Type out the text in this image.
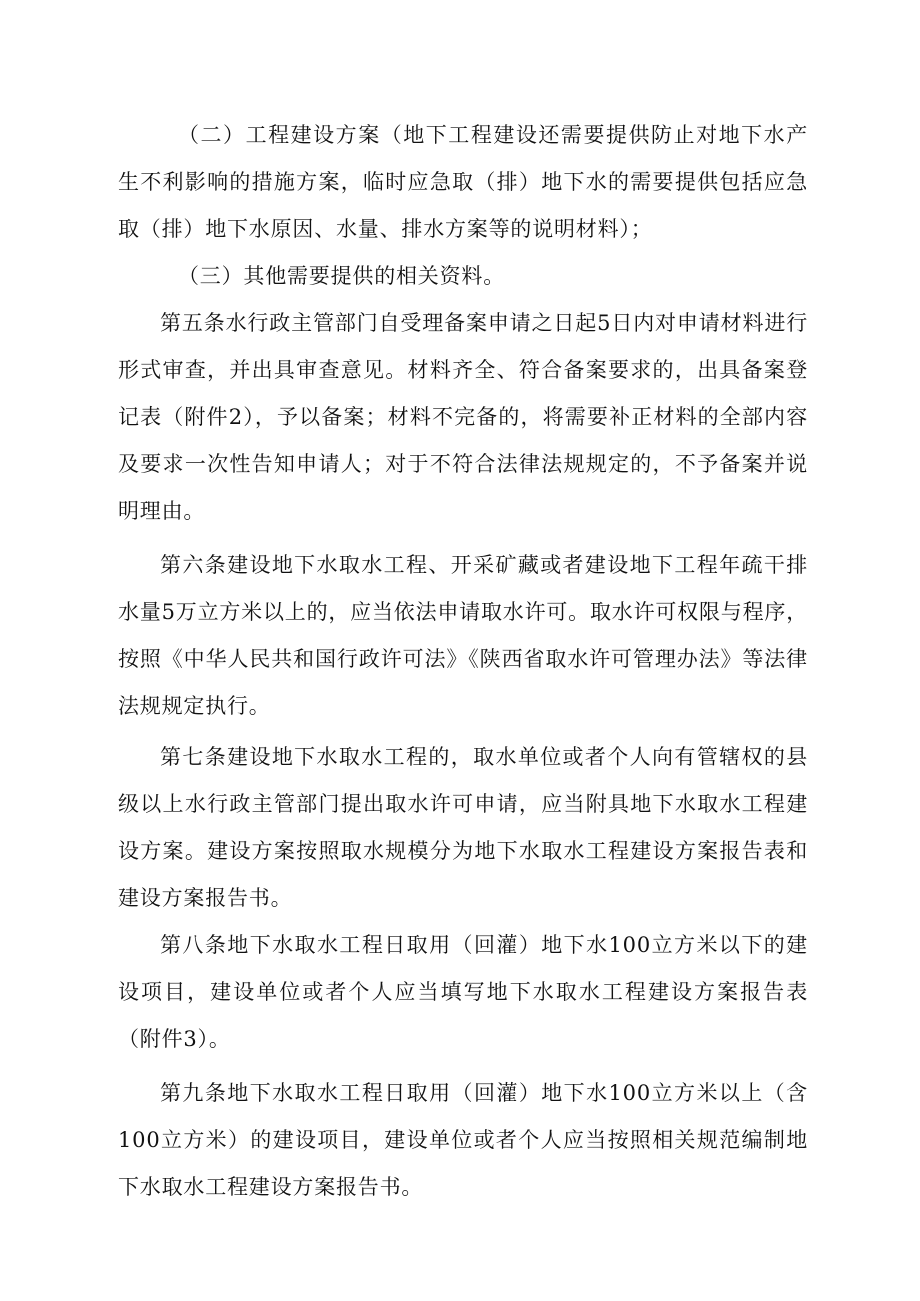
（二）工程建设方案（地下工程建设还需要提供防止对地下水产生不利影响的措施方案，临时应急取（排）地下水的需要提供包括应急取（排）地下水原因、水量、排水方案等的说明材料）；

（三）其他需要提供的相关资料。

第五条水行政主管部门自受理备案申请之日起5日内对申请材料进行形式审查，并出具审查意见。材料齐全、符合备案要求的，出具备案登记表（附件2），予以备案；材料不完备的，将需要补正材料的全部内容及要求一次性告知申请人；对于不符合法律法规规定的，不予备案并说明理由。

第六条建设地下水取水工程、开采矿藏或者建设地下工程年疏干排水量5万立方米以上的，应当依法申请取水许可。取水许可权限与程序，按照《中华人民共和国行政许可法》《陕西省取水许可管理办法》等法律法规规定执行。

第七条建设地下水取水工程的，取水单位或者个人向有管辖权的县级以上水行政主管部门提出取水许可申请，应当附具地下水取水工程建设方案。建设方案按照取水规模分为地下水取水工程建设方案报告表和建设方案报告书。

第八条地下水取水工程日取用（回灌）地下水100立方米以下的建设项目，建设单位或者个人应当填写地下水取水工程建设方案报告表（附件3）。

第九条地下水取水工程日取用（回灌）地下水100立方米以上（含100立方米）的建设项目，建设单位或者个人应当按照相关规范编制地下水取水工程建设方案报告书。
